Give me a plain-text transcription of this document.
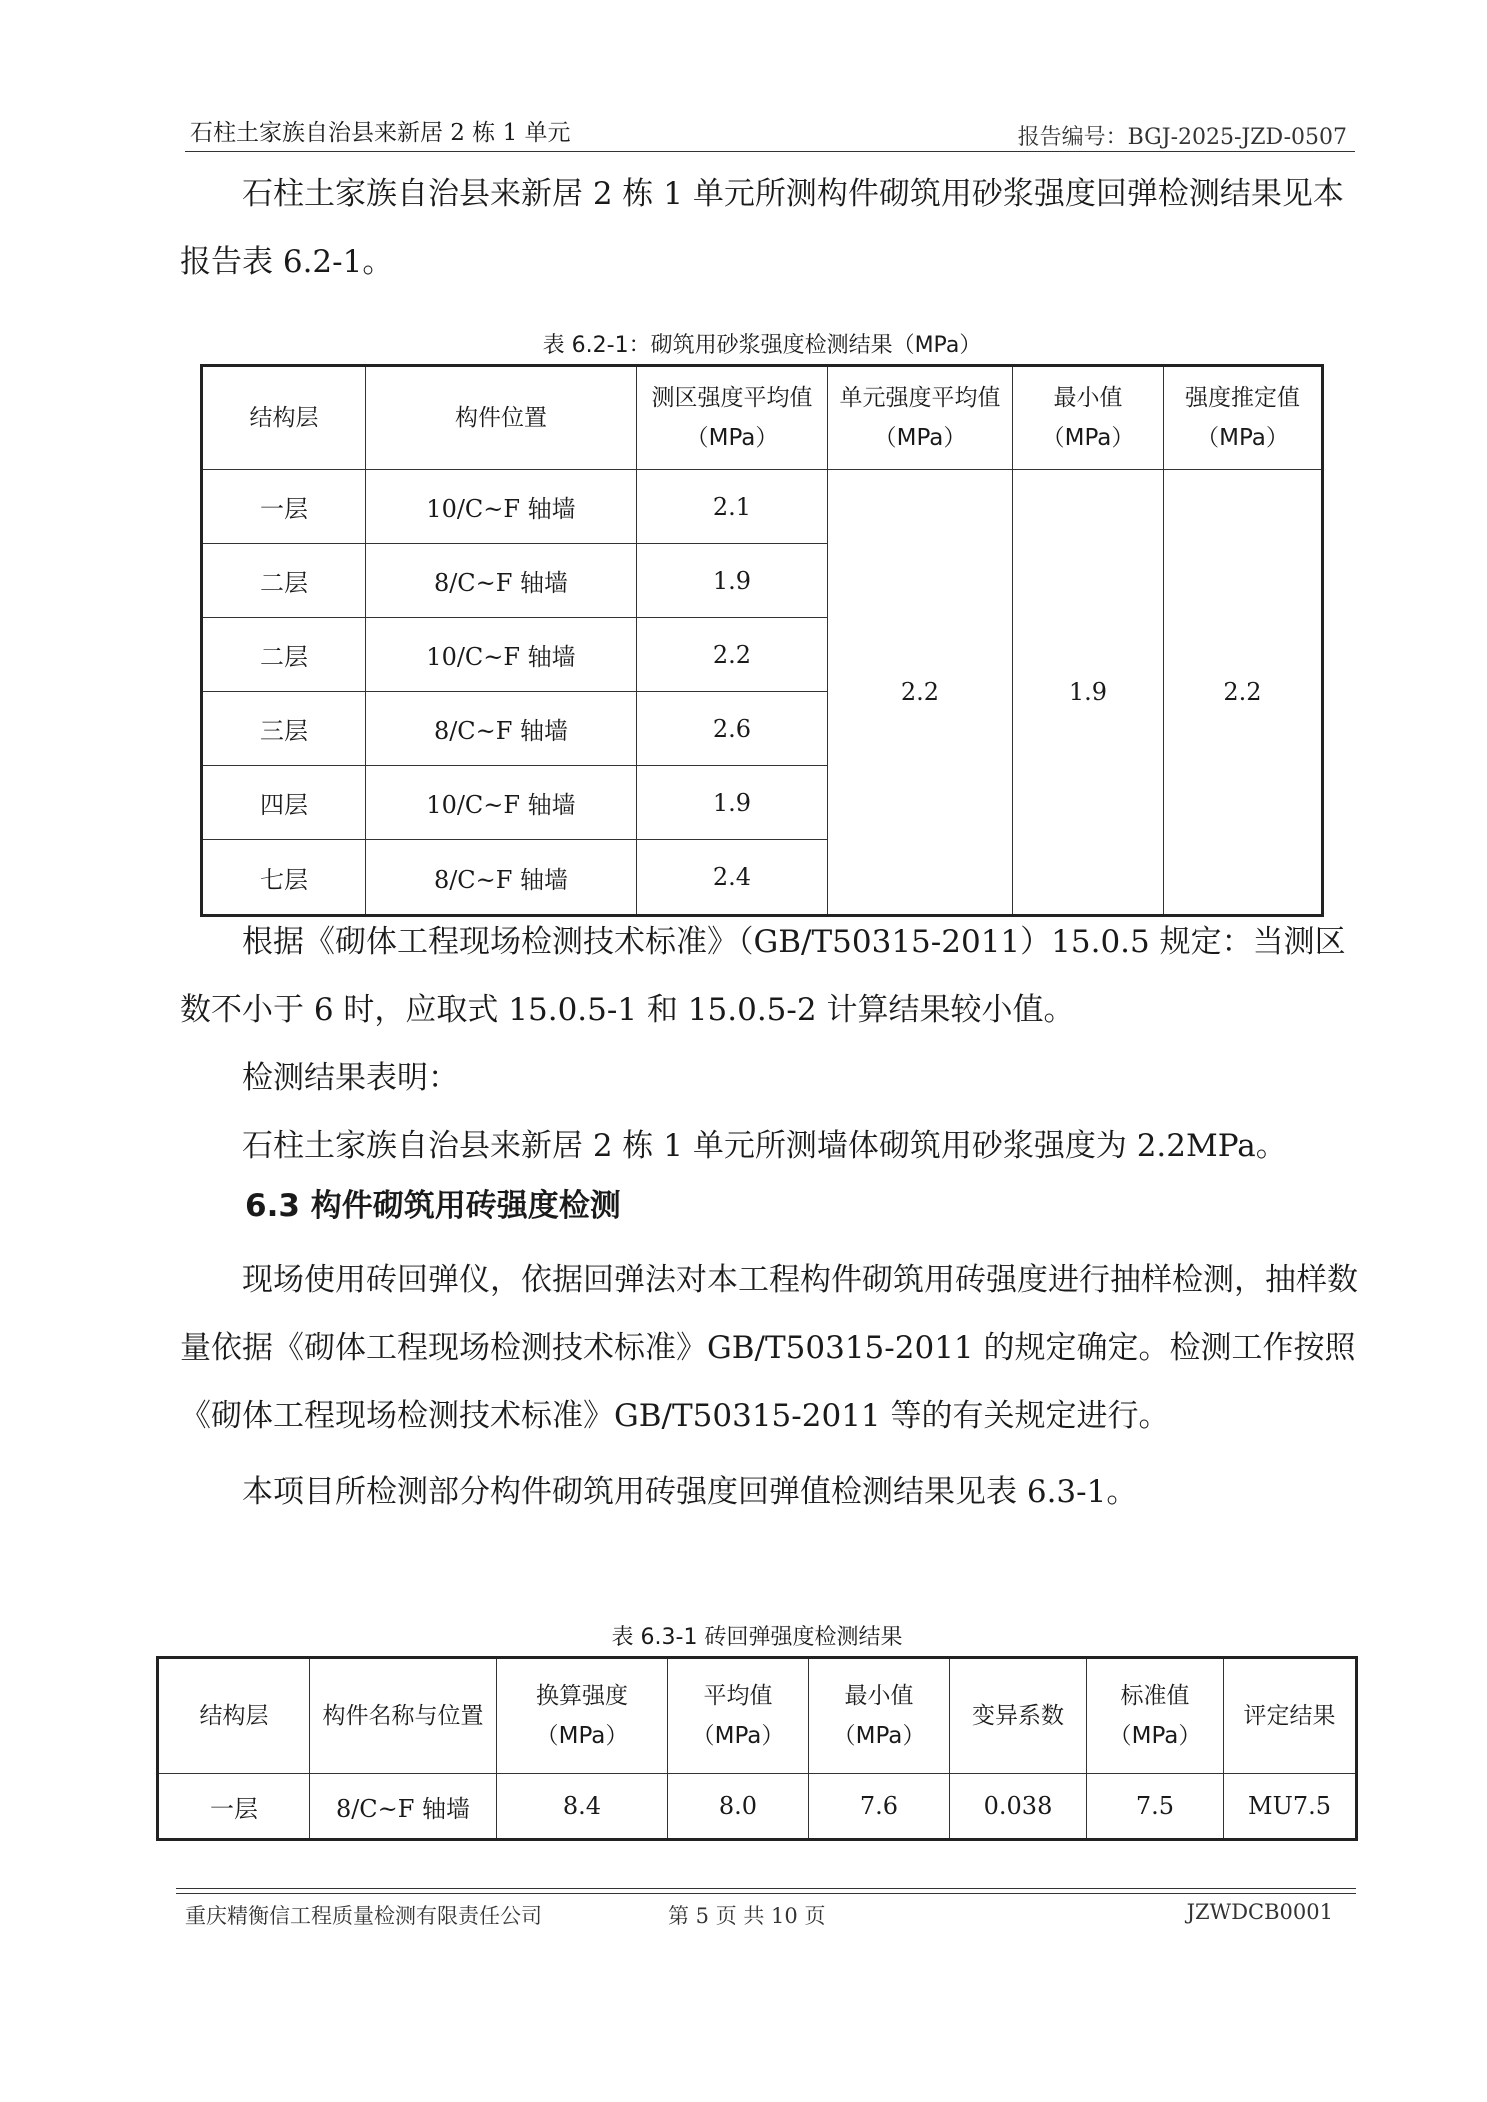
石柱土家族自治县来新居 2 栋 1 单元	报告编号：BGJ-2025-JZD-0507

石柱土家族自治县来新居 2 栋 1 单元所测构件砌筑用砂浆强度回弹检测结果见本报告表 6.2-1。

表 6.2-1：砌筑用砂浆强度检测结果（MPa）
结构层	构件位置	测区强度平均值（MPa）	单元强度平均值（MPa）	最小值（MPa）	强度推定值（MPa）
一层	10/C~F 轴墙	2.1	2.2	1.9	2.2
二层	8/C~F 轴墙	1.9			
二层	10/C~F 轴墙	2.2			
三层	8/C~F 轴墙	2.6			
四层	10/C~F 轴墙	1.9			
七层	8/C~F 轴墙	2.4			

根据《砌体工程现场检测技术标准》（GB/T50315-2011）15.0.5 规定：当测区数不小于 6 时，应取式 15.0.5-1 和 15.0.5-2 计算结果较小值。

检测结果表明：

石柱土家族自治县来新居 2 栋 1 单元所测墙体砌筑用砂浆强度为 2.2MPa。

6.3 构件砌筑用砖强度检测

现场使用砖回弹仪，依据回弹法对本工程构件砌筑用砖强度进行抽样检测，抽样数量依据《砌体工程现场检测技术标准》GB/T50315-2011 的规定确定。检测工作按照《砌体工程现场检测技术标准》GB/T50315-2011 等的有关规定进行。

本项目所检测部分构件砌筑用砖强度回弹值检测结果见表 6.3-1。

表 6.3-1 砖回弹强度检测结果
结构层	构件名称与位置	换算强度（MPa）	平均值（MPa）	最小值（MPa）	变异系数	标准值（MPa）	评定结果
一层	8/C~F 轴墙	8.4	8.0	7.6	0.038	7.5	MU7.5
重庆精衡信工程质量检测有限责任公司	第 5 页 共 10 页	JZWDCB0001
